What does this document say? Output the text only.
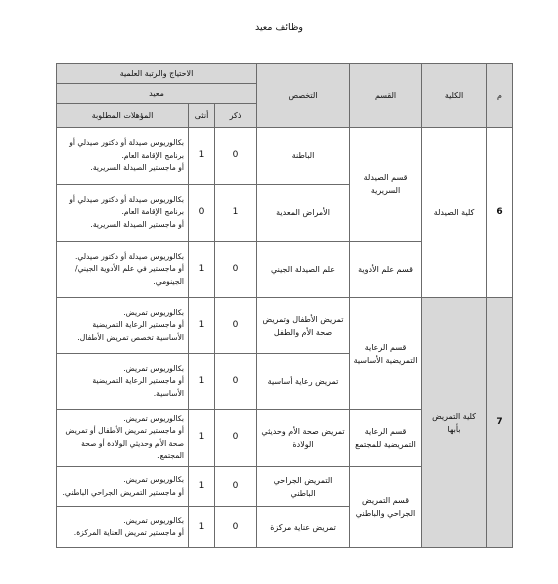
وظائف معيد
م	الكلية	القسم	التخصص	الاحتياج والرتبة العلمية		
				معيد		
				ذكر	أنثى	المؤهلات المطلوبة
6	كلية الصيدلة	قسم الصيدلة السريرية	الباطنة	0	1	بكالوريوس صيدلة أو دكتور صيدلي أو
برنامج الإقامة العام.
أو ماجستير الصيدلة السريرية.

			الأمراض المعدية	1	0	بكالوريوس صيدلة أو دكتور صيدلي أو
برنامج الإقامة العام.
أو ماجستير الصيدلة السريرية.

		قسم علم الأدوية	علم الصيدلة الجيني	0	1	بكالوريوس صيدلة أو دكتور صيدلي.
أو ماجستير في علم الأدوية الجيني/
الجينومي.

7	كلية التمريض بأبها	قسم الرعاية التمريضية الأساسية	تمريض الأطفال وتمريض صحة الأم والطفل	0	1	بكالوريوس تمريض.
أو ماجستير الرعاية التمريضية
الأساسية تخصص تمريض الأطفال.

			تمريض رعاية أساسية	0	1	بكالوريوس تمريض.
أو ماجستير الرعاية التمريضية
الأساسية.

		قسم الرعاية التمريضية للمجتمع	تمريض صحة الأم وحديثي الولادة	0	1	بكالوريوس تمريض.
أو ماجستير تمريض الأطفال أو تمريض
صحة الأم وحديثي الولادة أو صحة
المجتمع.

		قسم التمريض الجراحي والباطني	التمريض الجراحي الباطني	0	1	بكالوريوس تمريض.
أو ماجستير التمريض الجراحي الباطني.

			تمريض عناية مركزة	0	1	بكالوريوس تمريض.
أو ماجستير تمريض العناية المركزة.
